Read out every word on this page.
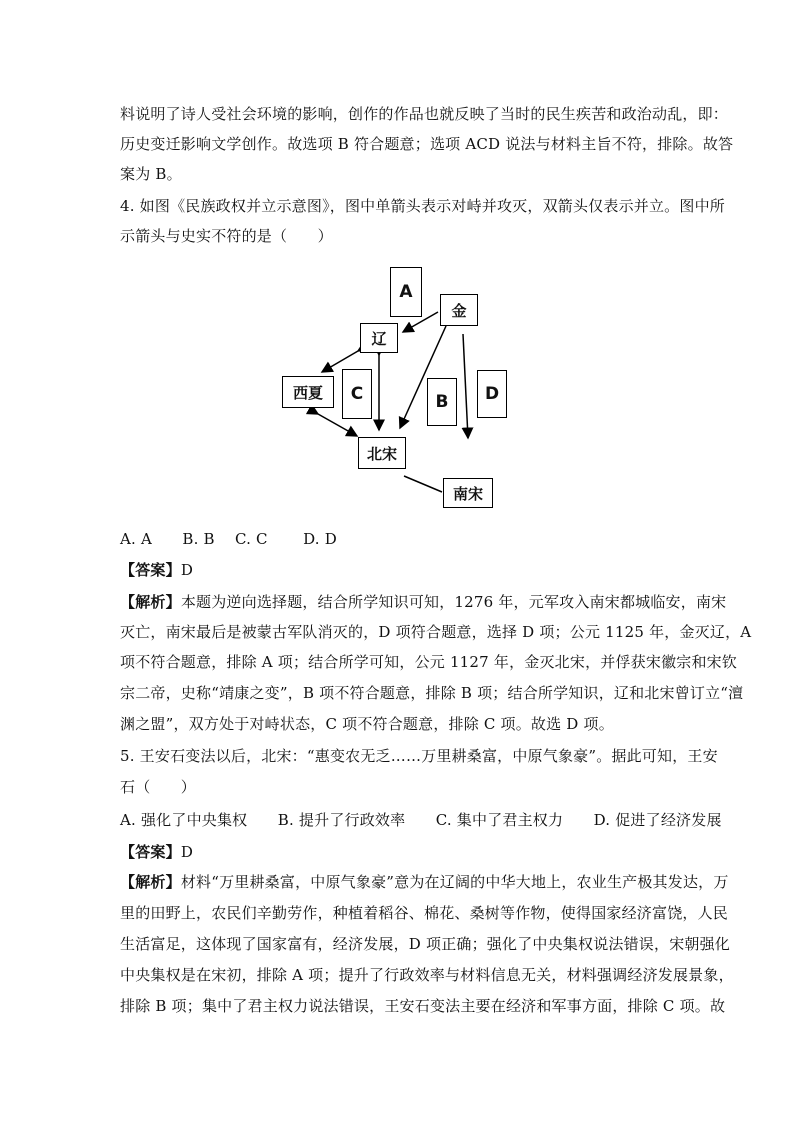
料说明了诗人受社会环境的影响，创作的作品也就反映了当时的民生疾苦和政治动乱，即：
历史变迁影响文学创作。故选项 B 符合题意；选项 ACD 说法与材料主旨不符，排除。故答
案为 B。
4. 如图《民族政权并立示意图》，图中单箭头表示对峙并攻灭，双箭头仅表示并立。图中所
示箭头与史实不符的是（　　）
A
金
辽
西夏	C	B	D
北宋
南宋
A. A　　B. B　 C. C　　 D. D
【答案】D
【解析】本题为逆向选择题，结合所学知识可知，1276 年，元军攻入南宋都城临安，南宋
灭亡，南宋最后是被蒙古军队消灭的，D 项符合题意，选择 D 项；公元 1125 年，金灭辽，A
项不符合题意，排除 A 项；结合所学可知，公元 1127 年，金灭北宋，并俘获宋徽宗和宋钦
宗二帝，史称“靖康之变”，B 项不符合题意，排除 B 项；结合所学知识，辽和北宋曾订立“澶
渊之盟”，双方处于对峙状态，C 项不符合题意，排除 C 项。故选 D 项。
5. 王安石变法以后，北宋：“惠变农无乏……万里耕桑富，中原气象豪”。据此可知，王安
石（　　）
A. 强化了中央集权　　B. 提升了行政效率　　C. 集中了君主权力　　D. 促进了经济发展
【答案】D
【解析】材料“万里耕桑富，中原气象豪”意为在辽阔的中华大地上，农业生产极其发达，万
里的田野上，农民们辛勤劳作，种植着稻谷、棉花、桑树等作物，使得国家经济富饶，人民
生活富足，这体现了国家富有，经济发展，D 项正确；强化了中央集权说法错误，宋朝强化
中央集权是在宋初，排除 A 项；提升了行政效率与材料信息无关，材料强调经济发展景象，
排除 B 项；集中了君主权力说法错误，王安石变法主要在经济和军事方面，排除 C 项。故
